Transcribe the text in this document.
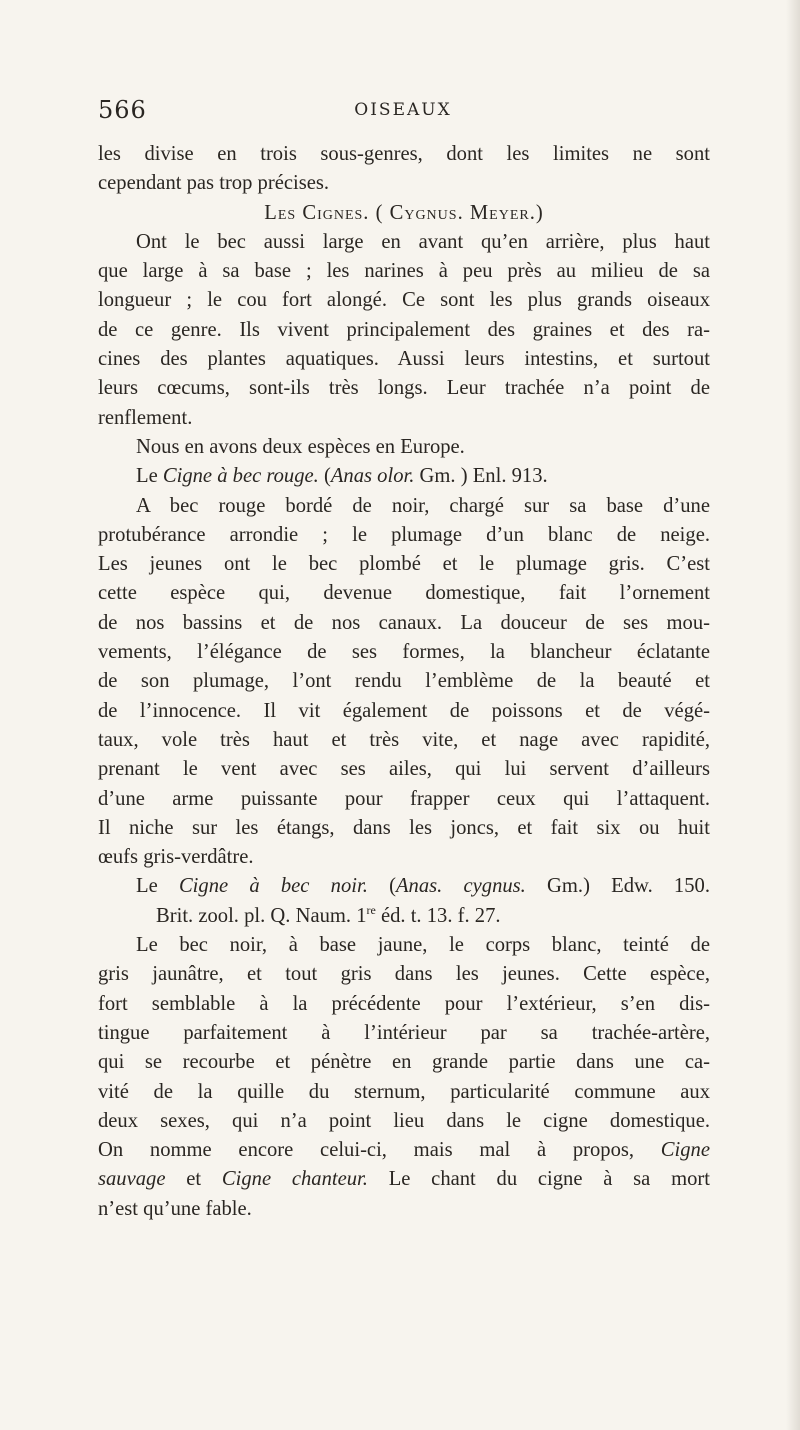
566	OISEAUX
les divise en trois sous-genres, dont les limites ne sont
cependant pas trop précises.
Les Cignes. ( Cygnus. Meyer.)
Ont le bec aussi large en avant qu’en arrière, plus haut
que large à sa base ; les narines à peu près au milieu de sa
longueur ; le cou fort alongé. Ce sont les plus grands oiseaux
de ce genre. Ils vivent principalement des graines et des ra-
cines des plantes aquatiques. Aussi leurs intestins, et surtout
leurs cœcums, sont-ils très longs. Leur trachée n’a point de
renflement.
Nous en avons deux espèces en Europe.
Le Cigne à bec rouge. (Anas olor. Gm. ) Enl. 913.
A bec rouge bordé de noir, chargé sur sa base d’une
protubérance arrondie ; le plumage d’un blanc de neige.
Les jeunes ont le bec plombé et le plumage gris. C’est
cette espèce qui, devenue domestique, fait l’ornement
de nos bassins et de nos canaux. La douceur de ses mou-
vements, l’élégance de ses formes, la blancheur éclatante
de son plumage, l’ont rendu l’emblème de la beauté et
de l’innocence. Il vit également de poissons et de végé-
taux, vole très haut et très vite, et nage avec rapidité,
prenant le vent avec ses ailes, qui lui servent d’ailleurs
d’une arme puissante pour frapper ceux qui l’attaquent.
Il niche sur les étangs, dans les joncs, et fait six ou huit
œufs gris-verdâtre.
Le Cigne à bec noir. (Anas. cygnus. Gm.) Edw. 150.
Brit. zool. pl. Q. Naum. 1re éd. t. 13. f. 27.
Le bec noir, à base jaune, le corps blanc, teinté de
gris jaunâtre, et tout gris dans les jeunes. Cette espèce,
fort semblable à la précédente pour l’extérieur, s’en dis-
tingue parfaitement à l’intérieur par sa trachée-artère,
qui se recourbe et pénètre en grande partie dans une ca-
vité de la quille du sternum, particularité commune aux
deux sexes, qui n’a point lieu dans le cigne domestique.
On nomme encore celui-ci, mais mal à propos, Cigne
sauvage et Cigne chanteur. Le chant du cigne à sa mort
n’est qu’une fable.
